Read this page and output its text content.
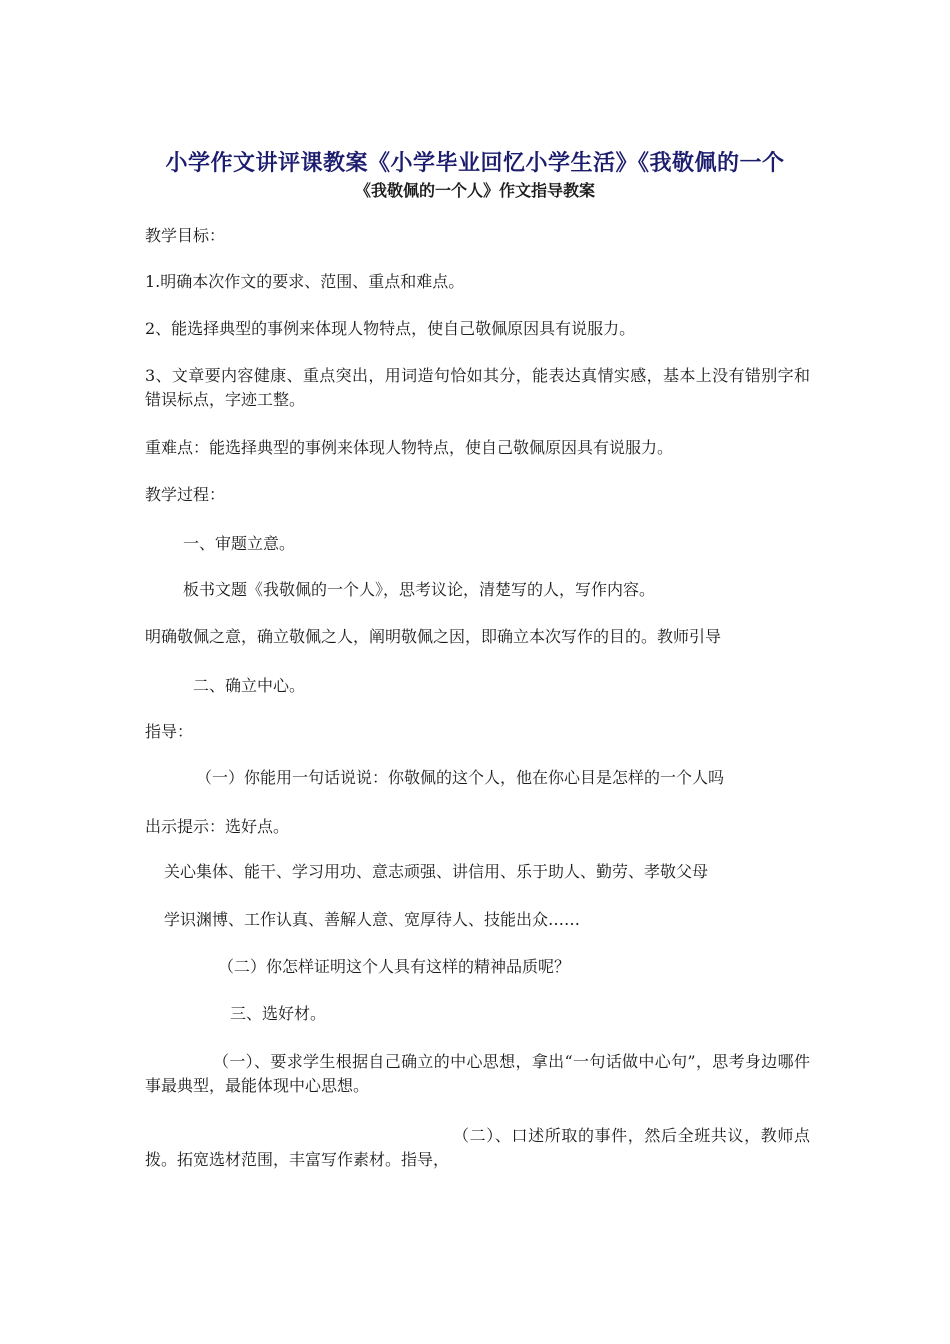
小学作文讲评课教案《小学毕业回忆小学生活》《我敬佩的一个
《我敬佩的一个人》作文指导教案
教学目标：
1.明确本次作文的要求、范围、重点和难点。
2、能选择典型的事例来体现人物特点，使自己敬佩原因具有说服力。
3、文章要内容健康、重点突出，用词造句恰如其分，能表达真情实感，基本上没有错别字和错误标点，字迹工整。
重难点：能选择典型的事例来体现人物特点，使自己敬佩原因具有说服力。
教学过程：
一、审题立意。
板书文题《我敬佩的一个人》，思考议论，清楚写的人，写作内容。
明确敬佩之意，确立敬佩之人，阐明敬佩之因，即确立本次写作的目的。教师引导
二、确立中心。
指导：
（一）你能用一句话说说：你敬佩的这个人，他在你心目是怎样的一个人吗
出示提示：选好点。
关心集体、能干、学习用功、意志顽强、讲信用、乐于助人、勤劳、孝敬父母
学识渊博、工作认真、善解人意、宽厚待人、技能出众……
（二）你怎样证明这个人具有这样的精神品质呢？
三、选好材。
（一）、要求学生根据自己确立的中心思想，拿出“一句话做中心句”，思考身边哪件事最典型，最能体现中心思想。
（二）、口述所取的事件，然后全班共议，教师点拨。拓宽选材范围，丰富写作素材。指导，
